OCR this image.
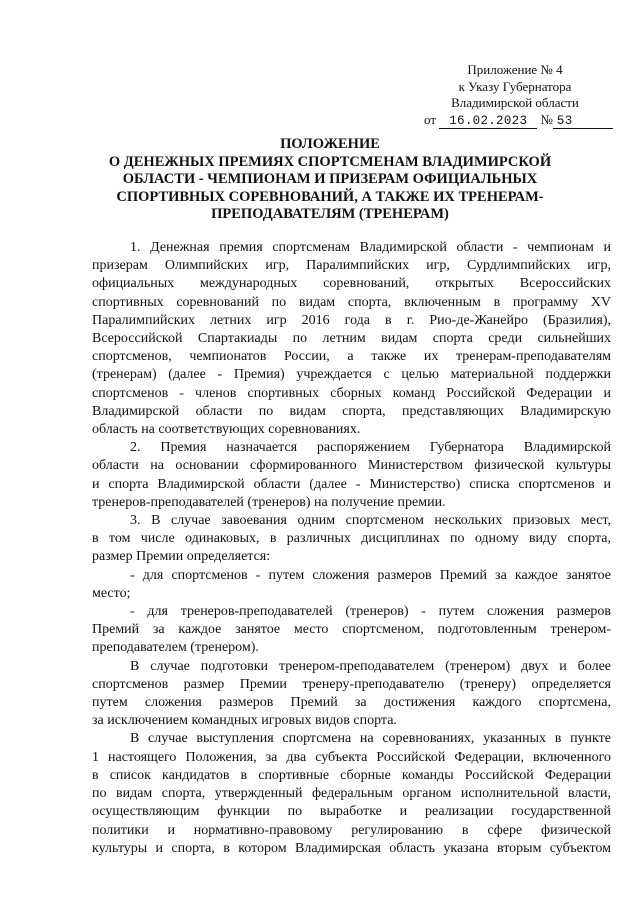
Приложение № 4
к Указу Губернатора
Владимирской области
от 16.02.2023 № 53
ПОЛОЖЕНИЕ
О ДЕНЕЖНЫХ ПРЕМИЯХ СПОРТСМЕНАМ ВЛАДИМИРСКОЙ
ОБЛАСТИ - ЧЕМПИОНАМ И ПРИЗЕРАМ ОФИЦИАЛЬНЫХ
СПОРТИВНЫХ СОРЕВНОВАНИЙ, А ТАКЖЕ ИХ ТРЕНЕРАМ-
ПРЕПОДАВАТЕЛЯМ (ТРЕНЕРАМ)
1. Денежная премия спортсменам Владимирской области - чемпионам и
призерам Олимпийских игр, Паралимпийских игр, Сурдлимпийских игр,
официальных международных соревнований, открытых Всероссийских
спортивных соревнований по видам спорта, включенным в программу XV
Паралимпийских летних игр 2016 года в г. Рио-де-Жанейро (Бразилия),
Всероссийской Спартакиады по летним видам спорта среди сильнейших
спортсменов, чемпионатов России, а также их тренерам-преподавателям
(тренерам) (далее - Премия) учреждается с целью материальной поддержки
спортсменов - членов спортивных сборных команд Российской Федерации и
Владимирской области по видам спорта, представляющих Владимирскую
область на соответствующих соревнованиях.
2. Премия назначается распоряжением Губернатора Владимирской
области на основании сформированного Министерством физической культуры
и спорта Владимирской области (далее - Министерство) списка спортсменов и
тренеров-преподавателей (тренеров) на получение премии.
3. В случае завоевания одним спортсменом нескольких призовых мест,
в том числе одинаковых, в различных дисциплинах по одному виду спорта,
размер Премии определяется:
- для спортсменов - путем сложения размеров Премий за каждое занятое
место;
- для тренеров-преподавателей (тренеров) - путем сложения размеров
Премий за каждое занятое место спортсменом, подготовленным тренером-
преподавателем (тренером).
В случае подготовки тренером-преподавателем (тренером) двух и более
спортсменов размер Премии тренеру-преподавателю (тренеру) определяется
путем сложения размеров Премий за достижения каждого спортсмена,
за исключением командных игровых видов спорта.
В случае выступления спортсмена на соревнованиях, указанных в пункте
1 настоящего Положения, за два субъекта Российской Федерации, включенного
в список кандидатов в спортивные сборные команды Российской Федерации
по видам спорта, утвержденный федеральным органом исполнительной власти,
осуществляющим функции по выработке и реализации государственной
политики и нормативно-правовому регулированию в сфере физической
культуры и спорта, в котором Владимирская область указана вторым субъектом
